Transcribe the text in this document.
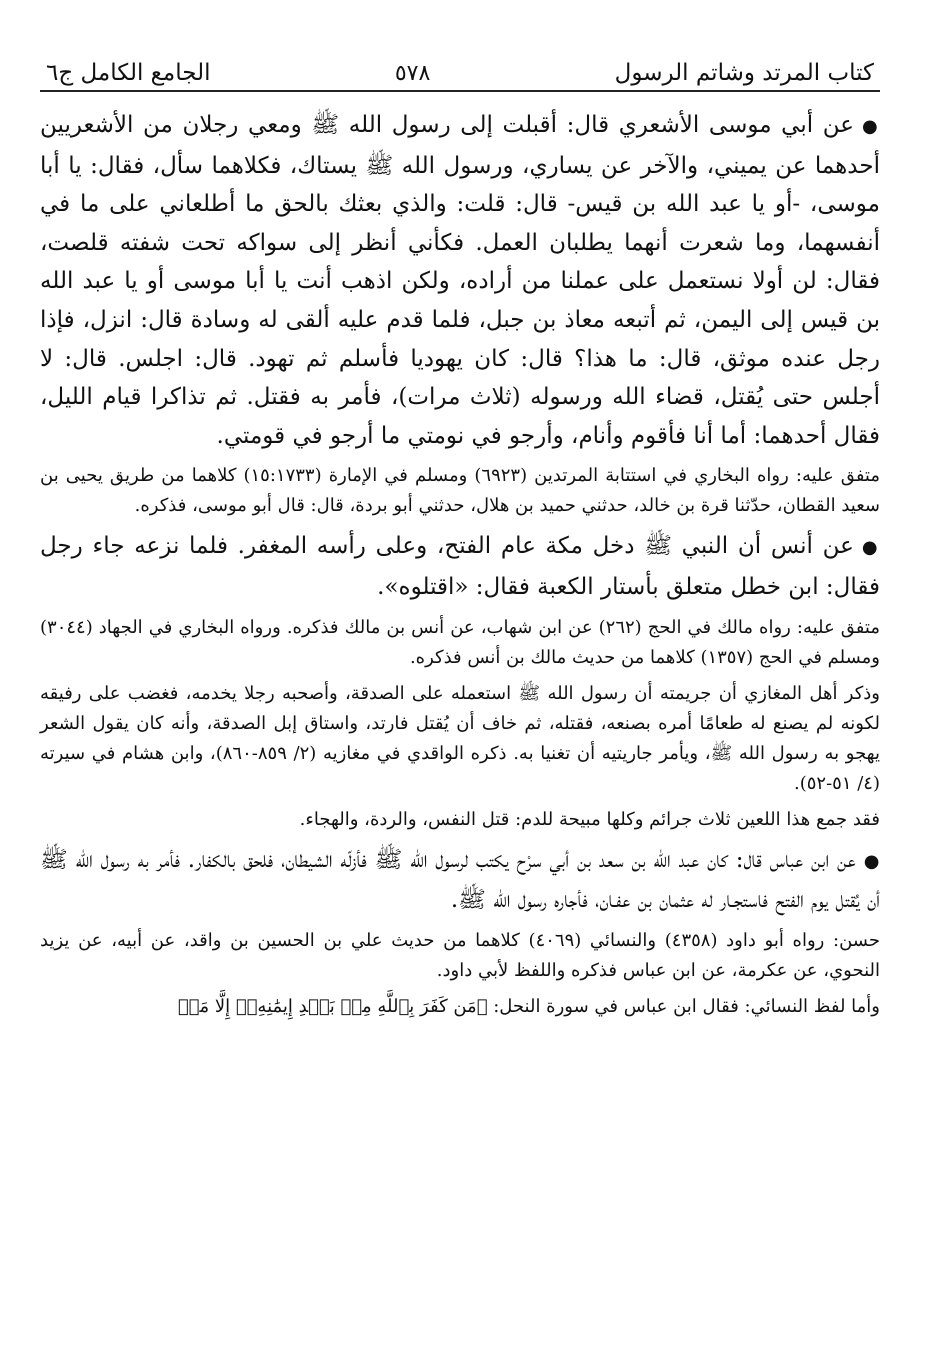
كتاب المرتد وشاتم الرسول
٥٧٨
الجامع الكامل ج٦

●عن أبي موسى الأشعري قال: أقبلت إلى رسول الله ﷺ ومعي رجلان من الأشعريين أحدهما عن يميني، والآخر عن يساري، ورسول الله ﷺ يستاك، فكلاهما سأل، فقال: يا أبا موسى، -أو يا عبد الله بن قيس- قال: قلت: والذي بعثك بالحق ما أطلعاني على ما في أنفسهما، وما شعرت أنهما يطلبان العمل. فكأني أنظر إلى سواكه تحت شفته قلصت، فقال: لن أولا نستعمل على عملنا من أراده، ولكن اذهب أنت يا أبا موسى أو يا عبد الله بن قيس إلى اليمن، ثم أتبعه معاذ بن جبل، فلما قدم عليه ألقى له وسادة قال: انزل، فإذا رجل عنده موثق، قال: ما هذا؟ قال: كان يهوديا فأسلم ثم تهود. قال: اجلس. قال: لا أجلس حتى يُقتل، قضاء الله ورسوله (ثلاث مرات)، فأمر به فقتل. ثم تذاكرا قيام الليل، فقال أحدهما: أما أنا فأقوم وأنام، وأرجو في نومتي ما أرجو في قومتي.

متفق عليه: رواه البخاري في استتابة المرتدين (٦٩٢٣) ومسلم في الإمارة (١٥:١٧٣٣) كلاهما من طريق يحيى بن سعيد القطان، حدّثنا قرة بن خالد، حدثني حميد بن هلال، حدثني أبو بردة، قال: قال أبو موسى، فذكره.

●عن أنس أن النبي ﷺ دخل مكة عام الفتح، وعلى رأسه المغفر. فلما نزعه جاء رجل فقال: ابن خطل متعلق بأستار الكعبة فقال: «اقتلوه».

متفق عليه: رواه مالك في الحج (٢٦٢) عن ابن شهاب، عن أنس بن مالك فذكره. ورواه البخاري في الجهاد (٣٠٤٤) ومسلم في الحج (١٣٥٧) كلاهما من حديث مالك بن أنس فذكره.

وذكر أهل المغازي أن جريمته أن رسول الله ﷺ استعمله على الصدقة، وأصحبه رجلا يخدمه، فغضب على رفيقه لكونه لم يصنع له طعامًا أمره بصنعه، فقتله، ثم خاف أن يُقتل فارتد، واستاق إبل الصدقة، وأنه كان يقول الشعر يهجو به رسول الله ﷺ، ويأمر جاريتيه أن تغنيا به. ذكره الواقدي في مغازيه (٢/ ٨٥٩-٨٦٠)، وابن هشام في سيرته (٤/ ٥١-٥٢).

فقد جمع هذا اللعين ثلاث جرائم وكلها مبيحة للدم: قتل النفس، والردة، والهجاء.

●عن ابن عباس قال: كان عبد الله بن سعد بن أبي سرْح يكتب لرسول الله ﷺ فأزلّه الشيطان، فلحق بالكفار. فأمر به رسول الله ﷺ أن يُقتل يوم الفتح فاستجـار له عثمان بن عفـان، فأجاره رسول الله ﷺ.

حسن: رواه أبو داود (٤٣٥٨) والنسائي (٤٠٦٩) كلاهما من حديث علي بن الحسين بن واقد، عن أبيه، عن يزيد النحوي، عن عكرمة، عن ابن عباس فذكره واللفظ لأبي داود.

وأما لفظ النسائي: فقال ابن عباس في سورة النحل: ﴿مَن كَفَرَ بِٱللَّهِ مِنۢ بَعۡدِ إِيمَٰنِهِۦٓ إِلَّا مَنۡ
